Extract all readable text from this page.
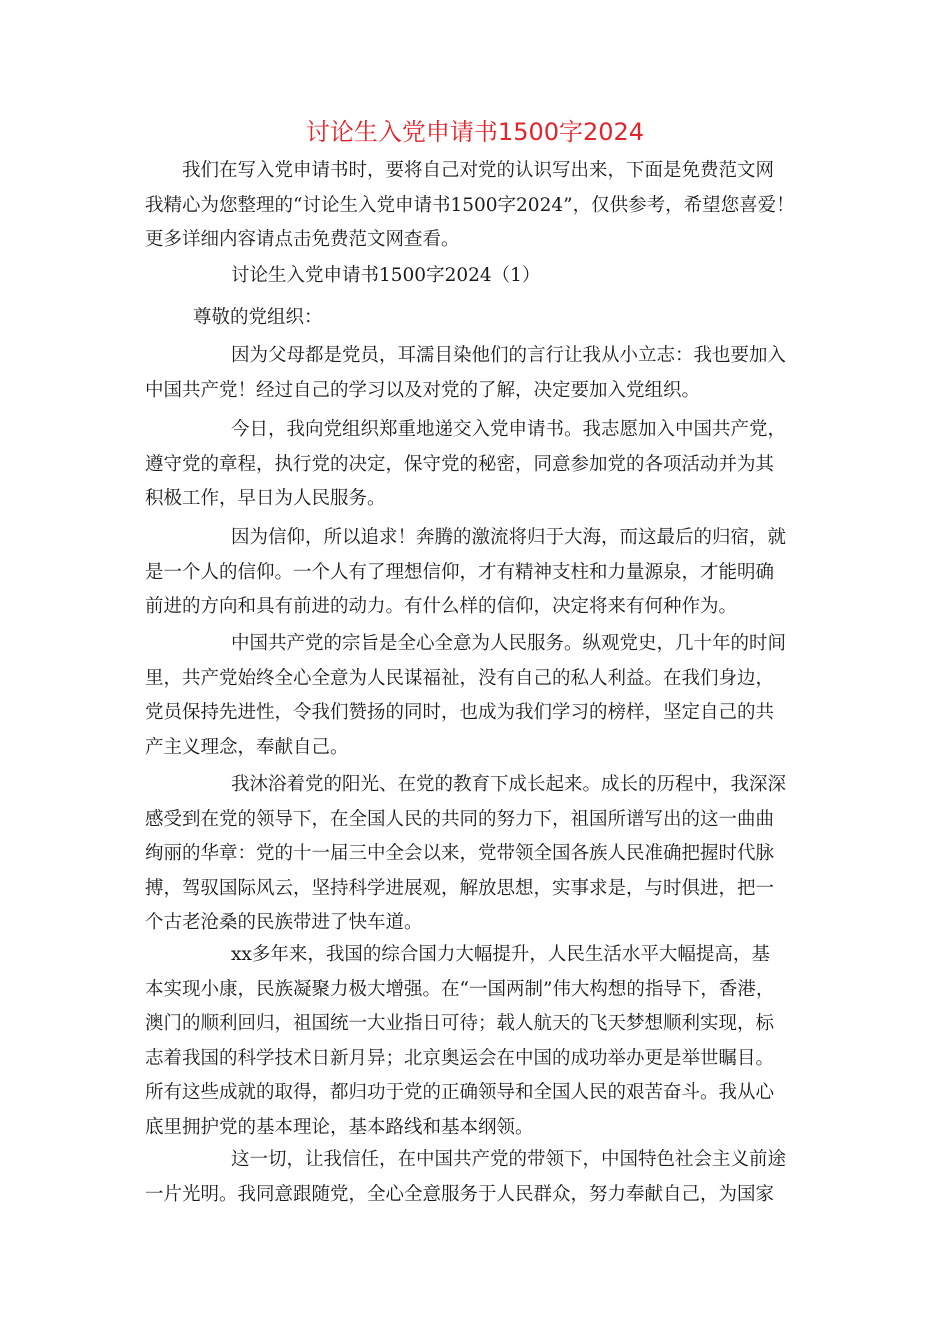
讨论生入党申请书1500字2024
　　我们在写入党申请书时，要将自己对党的认识写出来，下面是免费范文网
我精心为您整理的“讨论生入党申请书1500字2024”，仅供参考，希望您喜爱！
更多详细内容请点击免费范文网查看。
讨论生入党申请书1500字2024（1）
尊敬的党组织：
因为父母都是党员，耳濡目染他们的言行让我从小立志：我也要加入
中国共产党！经过自己的学习以及对党的了解，决定要加入党组织。
今日，我向党组织郑重地递交入党申请书。我志愿加入中国共产党，
遵守党的章程，执行党的决定，保守党的秘密，同意参加党的各项活动并为其
积极工作，早日为人民服务。
因为信仰，所以追求！奔腾的激流将归于大海，而这最后的归宿，就
是一个人的信仰。一个人有了理想信仰，才有精神支柱和力量源泉，才能明确
前进的方向和具有前进的动力。有什么样的信仰，决定将来有何种作为。
中国共产党的宗旨是全心全意为人民服务。纵观党史，几十年的时间
里，共产党始终全心全意为人民谋福祉，没有自己的私人利益。在我们身边，
党员保持先进性，令我们赞扬的同时，也成为我们学习的榜样，坚定自己的共
产主义理念，奉献自己。
我沐浴着党的阳光、在党的教育下成长起来。成长的历程中，我深深
感受到在党的领导下，在全国人民的共同的努力下，祖国所谱写出的这一曲曲
绚丽的华章：党的十一届三中全会以来，党带领全国各族人民准确把握时代脉
搏，驾驭国际风云，坚持科学进展观，解放思想，实事求是，与时俱进，把一
个古老沧桑的民族带进了快车道。
xx多年来，我国的综合国力大幅提升，人民生活水平大幅提高，基
本实现小康，民族凝聚力极大增强。在“一国两制”伟大构想的指导下，香港，
澳门的顺利回归，祖国统一大业指日可待；载人航天的飞天梦想顺利实现，标
志着我国的科学技术日新月异；北京奥运会在中国的成功举办更是举世瞩目。
所有这些成就的取得，都归功于党的正确领导和全国人民的艰苦奋斗。我从心
底里拥护党的基本理论，基本路线和基本纲领。
这一切，让我信任，在中国共产党的带领下，中国特色社会主义前途
一片光明。我同意跟随党，全心全意服务于人民群众，努力奉献自己，为国家
